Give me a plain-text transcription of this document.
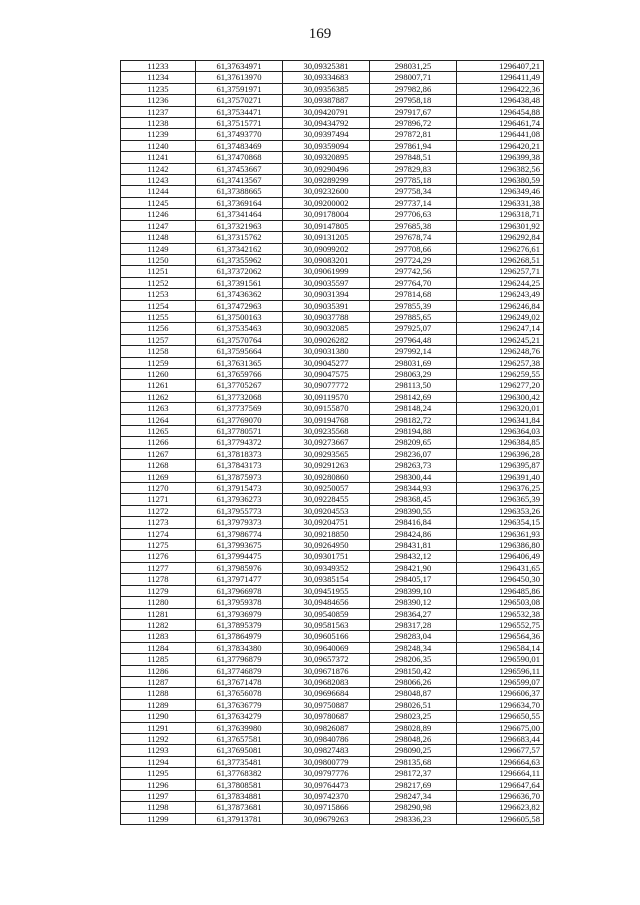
169
11233	61,37634971	30,09325381	298031,25	1296407,21
11234	61,37613970	30,09334683	298007,71	1296411,49
11235	61,37591971	30,09356385	297982,86	1296422,36
11236	61,37570271	30,09387887	297958,18	1296438,48
11237	61,37534471	30,09420791	297917,67	1296454,88
11238	61,37515771	30,09434792	297896,72	1296461,74
11239	61,37493770	30,09397494	297872,81	1296441,08
11240	61,37483469	30,09359094	297861,94	1296420,21
11241	61,37470868	30,09320895	297848,51	1296399,38
11242	61,37453667	30,09290496	297829,83	1296382,56
11243	61,37413567	30,09289299	297785,18	1296380,59
11244	61,37388665	30,09232600	297758,34	1296349,46
11245	61,37369164	30,09200002	297737,14	1296331,38
11246	61,37341464	30,09178004	297706,63	1296318,71
11247	61,37321963	30,09147805	297685,38	1296301,92
11248	61,37315762	30,09131205	297678,74	1296292,84
11249	61,37342162	30,09099202	297708,66	1296276,61
11250	61,37355962	30,09083201	297724,29	1296268,51
11251	61,37372062	30,09061999	297742,56	1296257,71
11252	61,37391561	30,09035597	297764,70	1296244,25
11253	61,37436362	30,09031394	297814,68	1296243,49
11254	61,37472963	30,09035391	297855,39	1296246,84
11255	61,37500163	30,09037788	297885,65	1296249,02
11256	61,37535463	30,09032085	297925,07	1296247,14
11257	61,37570764	30,09026282	297964,48	1296245,21
11258	61,37595664	30,09031380	297992,14	1296248,76
11259	61,37631365	30,09045277	298031,69	1296257,38
11260	61,37659766	30,09047575	298063,29	1296259,55
11261	61,37705267	30,09077772	298113,50	1296277,20
11262	61,37732068	30,09119570	298142,69	1296300,42
11263	61,37737569	30,09155870	298148,24	1296320,01
11264	61,37769070	30,09194768	298182,72	1296341,84
11265	61,37780571	30,09235568	298194,88	1296364,03
11266	61,37794372	30,09273667	298209,65	1296384,85
11267	61,37818373	30,09293565	298236,07	1296396,28
11268	61,37843173	30,09291263	298263,73	1296395,87
11269	61,37875973	30,09280860	298300,44	1296391,40
11270	61,37915473	30,09250057	298344,93	1296376,25
11271	61,37936273	30,09228455	298368,45	1296365,39
11272	61,37955773	30,09204553	298390,55	1296353,26
11273	61,37979373	30,09204751	298416,84	1296354,15
11274	61,37986774	30,09218850	298424,86	1296361,93
11275	61,37993675	30,09264950	298431,81	1296386,80
11276	61,37994475	30,09301751	298432,12	1296406,49
11277	61,37985976	30,09349352	298421,90	1296431,65
11278	61,37971477	30,09385154	298405,17	1296450,30
11279	61,37966978	30,09451955	298399,10	1296485,86
11280	61,37959378	30,09484656	298390,12	1296503,08
11281	61,37936979	30,09540859	298364,27	1296532,38
11282	61,37895379	30,09581563	298317,28	1296552,75
11283	61,37864979	30,09605166	298283,04	1296564,36
11284	61,37834380	30,09640069	298248,34	1296584,14
11285	61,37796879	30,09657372	298206,35	1296590,01
11286	61,37746879	30,09671876	298150,42	1296596,11
11287	61,37671478	30,09682083	298066,26	1296599,07
11288	61,37656078	30,09696684	298048,87	1296606,37
11289	61,37636779	30,09750887	298026,51	1296634,70
11290	61,37634279	30,09780687	298023,25	1296650,55
11291	61,37639980	30,09826087	298028,89	1296675,00
11292	61,37657581	30,09840786	298048,26	1296683,44
11293	61,37695081	30,09827483	298090,25	1296677,57
11294	61,37735481	30,09800779	298135,68	1296664,63
11295	61,37768382	30,09797776	298172,37	1296664,11
11296	61,37808581	30,09764473	298217,69	1296647,64
11297	61,37834881	30,09742370	298247,34	1296636,70
11298	61,37873681	30,09715866	298290,98	1296623,82
11299	61,37913781	30,09679263	298336,23	1296605,58
